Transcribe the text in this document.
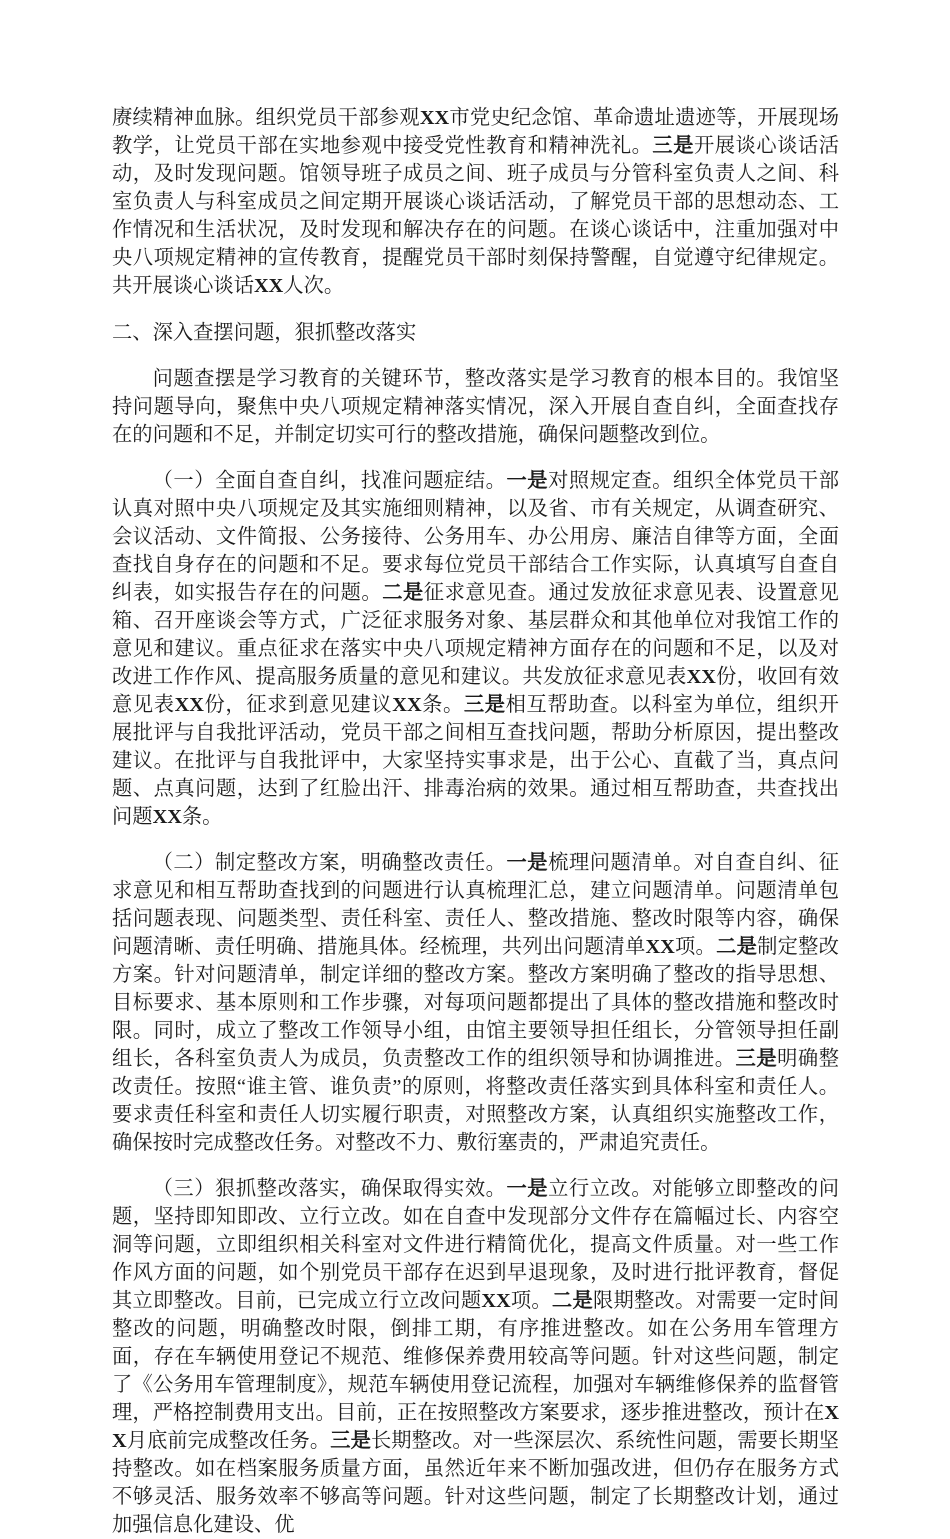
赓续精神血脉。组织党员干部参观XX市党史纪念馆、革命遗址遗迹等，开展现场教学，让党员干部在实地参观中接受党性教育和精神洗礼。三是开展谈心谈话活动，及时发现问题。馆领导班子成员之间、班子成员与分管科室负责人之间、科室负责人与科室成员之间定期开展谈心谈话活动，了解党员干部的思想动态、工作情况和生活状况，及时发现和解决存在的问题。在谈心谈话中，注重加强对中央八项规定精神的宣传教育，提醒党员干部时刻保持警醒，自觉遵守纪律规定。共开展谈心谈话XX人次。

二、深入查摆问题，狠抓整改落实

问题查摆是学习教育的关键环节，整改落实是学习教育的根本目的。我馆坚持问题导向，聚焦中央八项规定精神落实情况，深入开展自查自纠，全面查找存在的问题和不足，并制定切实可行的整改措施，确保问题整改到位。

（一）全面自查自纠，找准问题症结。一是对照规定查。组织全体党员干部认真对照中央八项规定及其实施细则精神，以及省、市有关规定，从调查研究、会议活动、文件简报、公务接待、公务用车、办公用房、廉洁自律等方面，全面查找自身存在的问题和不足。要求每位党员干部结合工作实际，认真填写自查自纠表，如实报告存在的问题。二是征求意见查。通过发放征求意见表、设置意见箱、召开座谈会等方式，广泛征求服务对象、基层群众和其他单位对我馆工作的意见和建议。重点征求在落实中央八项规定精神方面存在的问题和不足，以及对改进工作作风、提高服务质量的意见和建议。共发放征求意见表XX份，收回有效意见表XX份，征求到意见建议XX条。三是相互帮助查。以科室为单位，组织开展批评与自我批评活动，党员干部之间相互查找问题，帮助分析原因，提出整改建议。在批评与自我批评中，大家坚持实事求是，出于公心、直截了当，真点问题、点真问题，达到了红脸出汗、排毒治病的效果。通过相互帮助查，共查找出问题XX条。

（二）制定整改方案，明确整改责任。一是梳理问题清单。对自查自纠、征求意见和相互帮助查找到的问题进行认真梳理汇总，建立问题清单。问题清单包括问题表现、问题类型、责任科室、责任人、整改措施、整改时限等内容，确保问题清晰、责任明确、措施具体。经梳理，共列出问题清单XX项。二是制定整改方案。针对问题清单，制定详细的整改方案。整改方案明确了整改的指导思想、目标要求、基本原则和工作步骤，对每项问题都提出了具体的整改措施和整改时限。同时，成立了整改工作领导小组，由馆主要领导担任组长，分管领导担任副组长，各科室负责人为成员，负责整改工作的组织领导和协调推进。三是明确整改责任。按照“谁主管、谁负责”的原则，将整改责任落实到具体科室和责任人。要求责任科室和责任人切实履行职责，对照整改方案，认真组织实施整改工作，确保按时完成整改任务。对整改不力、敷衍塞责的，严肃追究责任。

（三）狠抓整改落实，确保取得实效。一是立行立改。对能够立即整改的问题，坚持即知即改、立行立改。如在自查中发现部分文件存在篇幅过长、内容空洞等问题，立即组织相关科室对文件进行精简优化，提高文件质量。对一些工作作风方面的问题，如个别党员干部存在迟到早退现象，及时进行批评教育，督促其立即整改。目前，已完成立行立改问题XX项。二是限期整改。对需要一定时间整改的问题，明确整改时限，倒排工期，有序推进整改。如在公务用车管理方面，存在车辆使用登记不规范、维修保养费用较高等问题。针对这些问题，制定了《公务用车管理制度》，规范车辆使用登记流程，加强对车辆维修保养的监督管理，严格控制费用支出。目前，正在按照整改方案要求，逐步推进整改，预计在XX月底前完成整改任务。三是长期整改。对一些深层次、系统性问题，需要长期坚持整改。如在档案服务质量方面，虽然近年来不断加强改进，但仍存在服务方式不够灵活、服务效率不够高等问题。针对这些问题，制定了长期整改计划，通过加强信息化建设、优
